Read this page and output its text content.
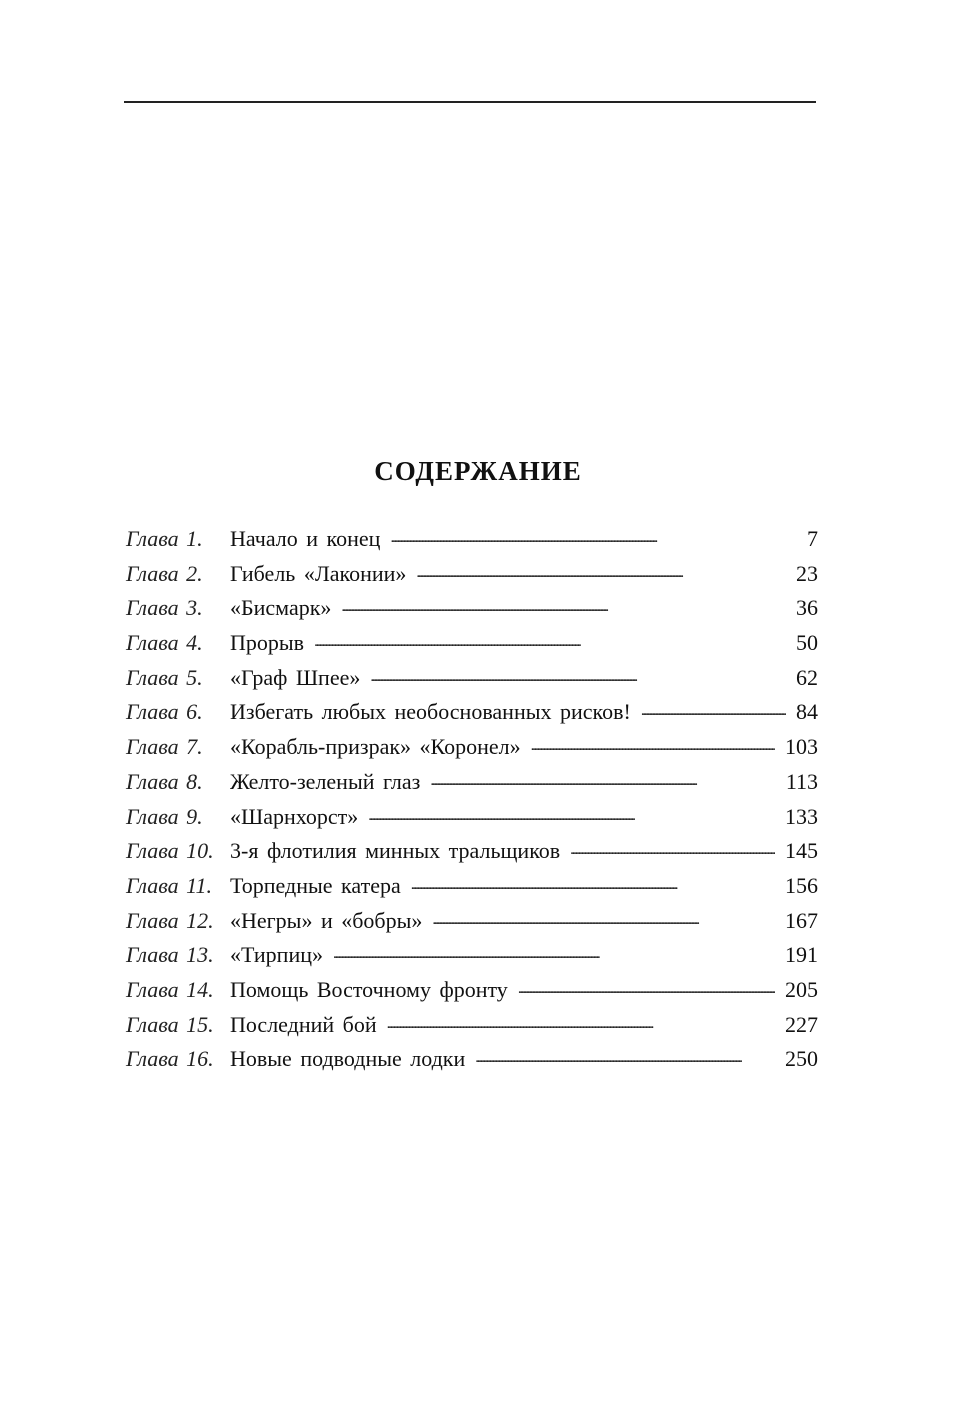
СОДЕРЖАНИЕ
Глава 1.	Начало и конец . . .	7
Глава 2.	Гибель «Лаконии» . . .	23
Глава 3.	«Бисмарк» . . .	36
Глава 4.	Прорыв . . .	50
Глава 5.	«Граф Шпее» . . .	62
Глава 6.	Избегать любых необоснованных рисков! . . .	84
Глава 7.	«Корабль-призрак» «Коронел» . . .	103
Глава 8.	Желто-зеленый глаз . . .	113
Глава 9.	«Шарнхорст» . . .	133
Глава 10. 3-я флотилия минных тральщиков . . .	145
Глава 11. Торпедные катера . . .	156
Глава 12. «Негры» и «бобры» . . .	167
Глава 13. «Тирпиц» . . .	191
Глава 14. Помощь Восточному фронту . . .	205
Глава 15. Последний бой . . .	227
Глава 16. Новые подводные лодки . . .	250
